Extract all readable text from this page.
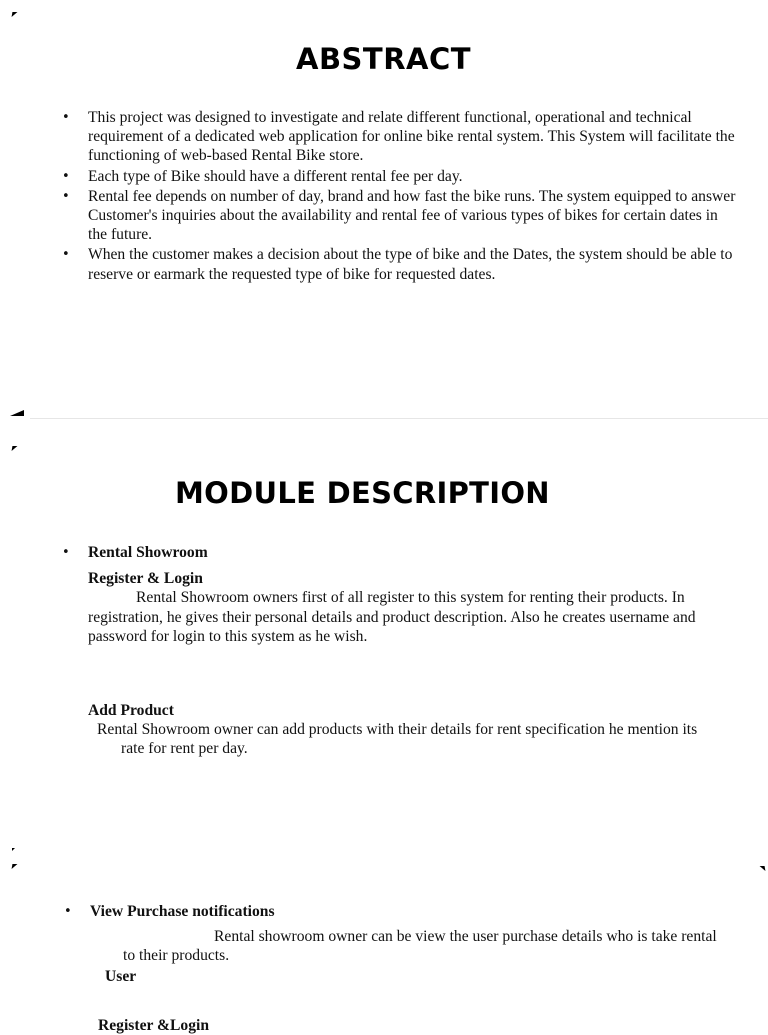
ABSTRACT
• This project was designed to investigate and relate different functional, operational and technical requirement of a dedicated web application for online bike rental system. This System will facilitate the functioning of web-based Rental Bike store.
• Each type of Bike should have a different rental fee per day.
• Rental fee depends on number of day, brand and how fast the bike runs. The system equipped to answer Customer's inquiries about the availability and rental fee of various types of bikes for certain dates in the future.
• When the customer makes a decision about the type of bike and the Dates, the system should be able to reserve or earmark the requested type of bike for requested dates.
MODULE DESCRIPTION
• Rental Showroom
Register & Login
Rental Showroom owners first of all register to this system for renting their products. In registration, he gives their personal details and product description. Also he creates username and password for login to this system as he wish.
Add Product
Rental Showroom owner can add products with their details for rent specification he mention its rate for rent per day.
• View Purchase notifications
Rental showroom owner can be view the user purchase details who is take rental to their products.
User
Register &Login
